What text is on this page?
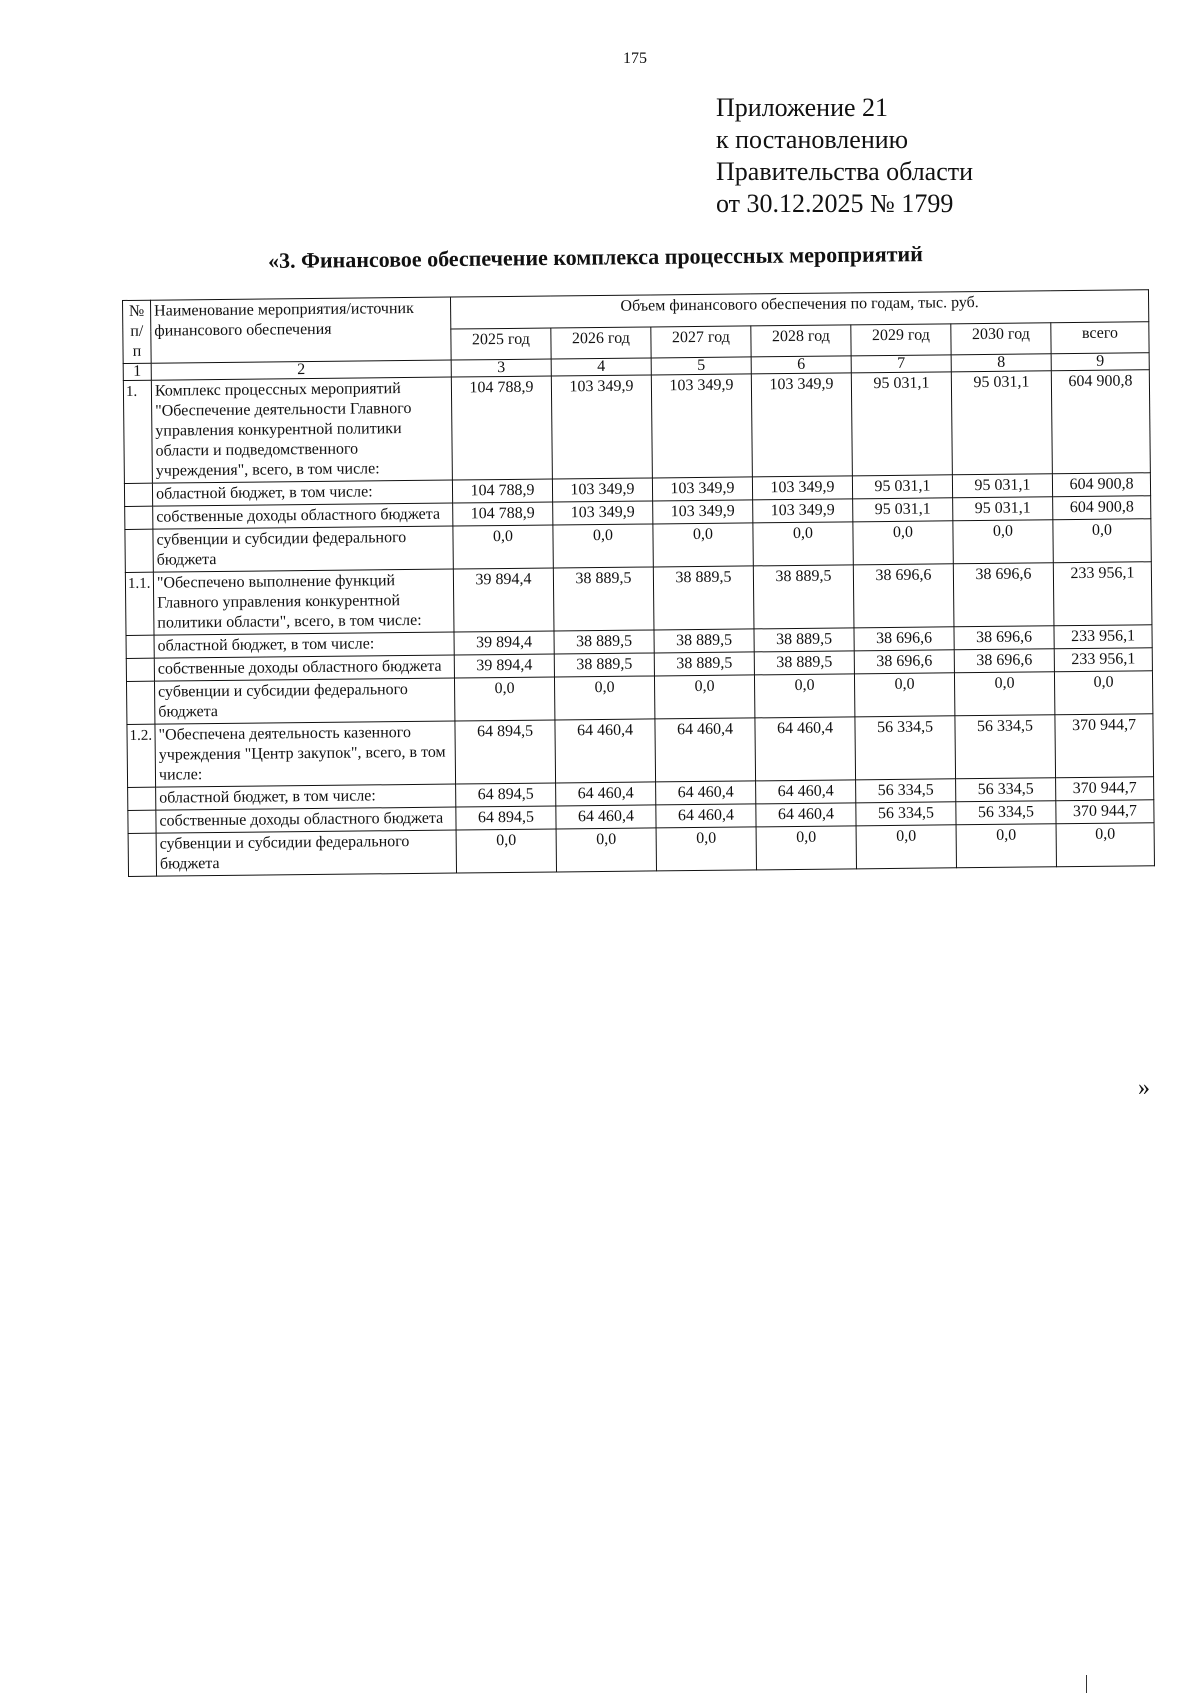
175
Приложение 21
к постановлению
Правительства области
от 30.12.2025 № 1799
«3. Финансовое обеспечение комплекса процессных мероприятий
№ п/п	Наименование мероприятия/источник финансового обеспечения	Объем финансового обеспечения по годам, тыс. руб.						
		2025 год	2026 год	2027 год	2028 год	2029 год	2030 год	всего
1	2	3	4	5	6	7	8	9
1.	Комплекс процессных мероприятий "Обеспечение деятельности Главного управления конкурентной политики области и подведомственного учреждения", всего, в том числе:	104 788,9	103 349,9	103 349,9	103 349,9	95 031,1	95 031,1	604 900,8
	областной бюджет, в том числе:	104 788,9	103 349,9	103 349,9	103 349,9	95 031,1	95 031,1	604 900,8
	собственные доходы областного бюджета	104 788,9	103 349,9	103 349,9	103 349,9	95 031,1	95 031,1	604 900,8
	субвенции и субсидии федерального бюджета	0,0	0,0	0,0	0,0	0,0	0,0	0,0
1.1.	"Обеспечено выполнение функций Главного управления конкурентной политики области", всего, в том числе:	39 894,4	38 889,5	38 889,5	38 889,5	38 696,6	38 696,6	233 956,1
	областной бюджет, в том числе:	39 894,4	38 889,5	38 889,5	38 889,5	38 696,6	38 696,6	233 956,1
	собственные доходы областного бюджета	39 894,4	38 889,5	38 889,5	38 889,5	38 696,6	38 696,6	233 956,1
	субвенции и субсидии федерального бюджета	0,0	0,0	0,0	0,0	0,0	0,0	0,0
1.2.	"Обеспечена деятельность казенного учреждения "Центр закупок", всего, в том числе:	64 894,5	64 460,4	64 460,4	64 460,4	56 334,5	56 334,5	370 944,7
	областной бюджет, в том числе:	64 894,5	64 460,4	64 460,4	64 460,4	56 334,5	56 334,5	370 944,7
	собственные доходы областного бюджета	64 894,5	64 460,4	64 460,4	64 460,4	56 334,5	56 334,5	370 944,7
	субвенции и субсидии федерального бюджета	0,0	0,0	0,0	0,0	0,0	0,0	0,0
»
